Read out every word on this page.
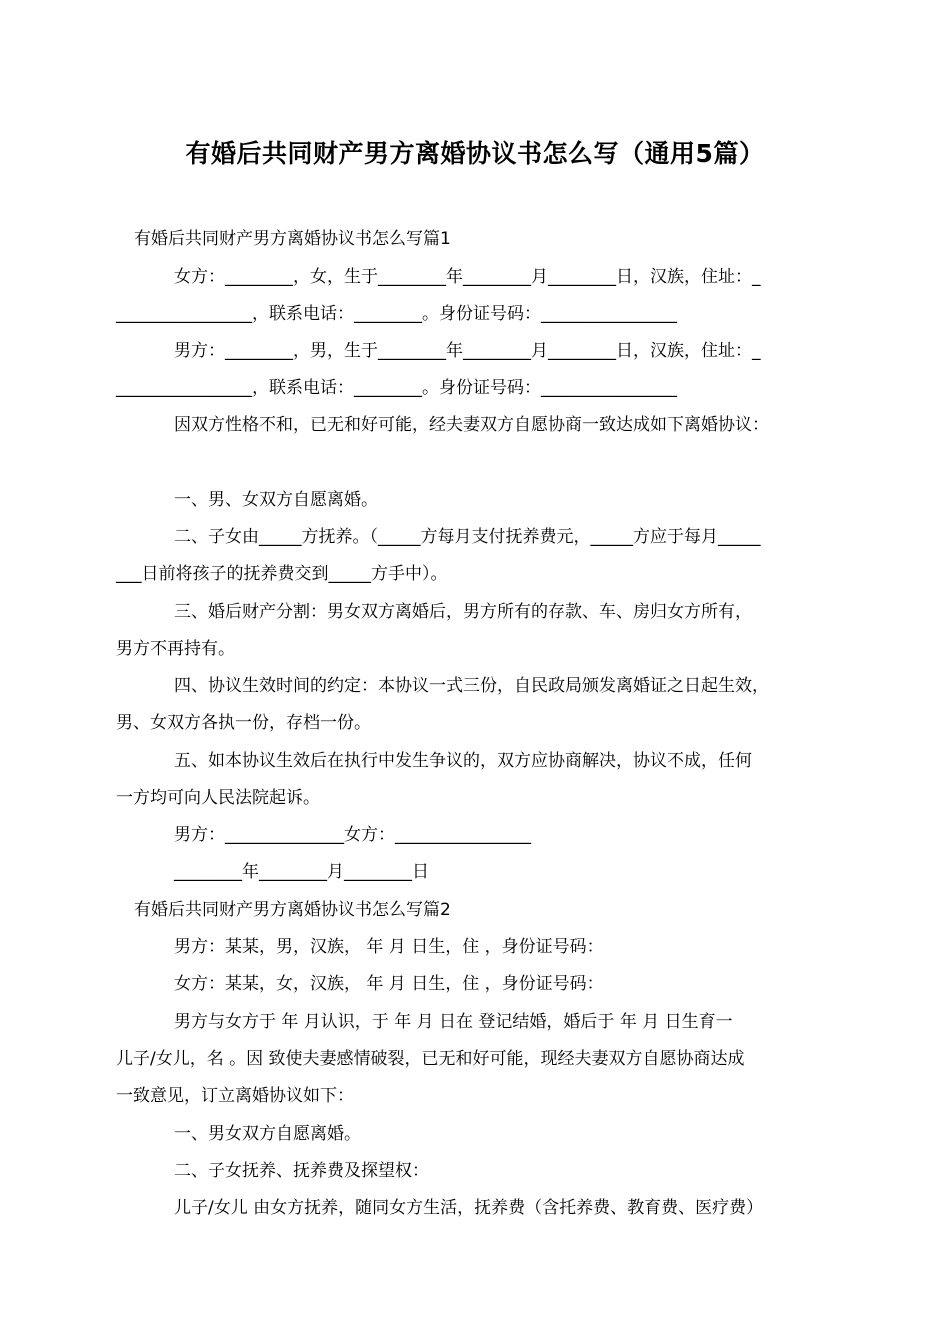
有婚后共同财产男方离婚协议书怎么写（通用5篇）
有婚后共同财产男方离婚协议书怎么写篇1
女方：________，女，生于________年________月________日，汉族，住址：_
________________，联系电话：________。身份证号码：________________
男方：________，男，生于________年________月________日，汉族，住址：_
________________，联系电话：________。身份证号码：________________
因双方性格不和，已无和好可能，经夫妻双方自愿协商一致达成如下离婚协议：
一、男、女双方自愿离婚。
二、子女由_____方抚养。（_____方每月支付抚养费元，_____方应于每月_____
___日前将孩子的抚养费交到_____方手中）。
三、婚后财产分割：男女双方离婚后，男方所有的存款、车、房归女方所有，
男方不再持有。
四、协议生效时间的约定：本协议一式三份，自民政局颁发离婚证之日起生效，
男、女双方各执一份，存档一份。
五、如本协议生效后在执行中发生争议的，双方应协商解决，协议不成，任何
一方均可向人民法院起诉。
男方：______________女方：________________
________年________月________日
有婚后共同财产男方离婚协议书怎么写篇2
男方：某某，男，汉族， 年 月 日生，住 ，身份证号码：
女方：某某，女，汉族， 年 月 日生，住 ，身份证号码：
男方与女方于 年 月认识，于 年 月 日在 登记结婚，婚后于 年 月 日生育一
儿子/女儿，名 。因 致使夫妻感情破裂，已无和好可能，现经夫妻双方自愿协商达成
一致意见，订立离婚协议如下：
一、男女双方自愿离婚。
二、子女抚养、抚养费及探望权：
儿子/女儿 由女方抚养，随同女方生活，抚养费（含托养费、教育费、医疗费）
